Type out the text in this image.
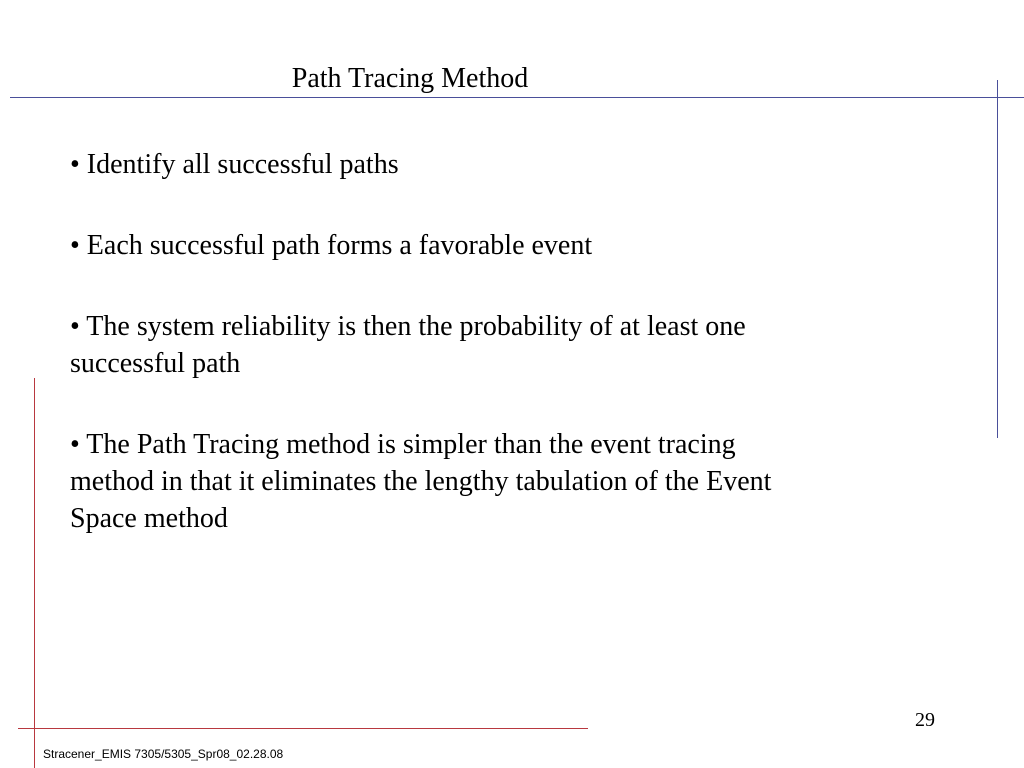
Path Tracing Method
• Identify all successful paths
• Each successful path forms a favorable event
• The system reliability is then the probability of at least one successful path
• The Path Tracing method is simpler than the event tracing method in that it eliminates the lengthy tabulation of the Event Space method
29
Stracener_EMIS 7305/5305_Spr08_02.28.08
